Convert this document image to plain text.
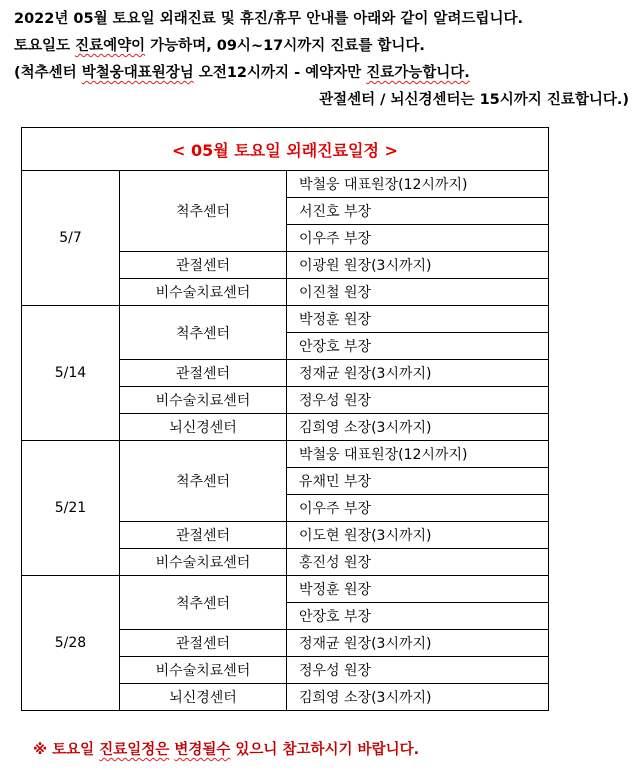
2022년 05월 토요일 외래진료 및 휴진/휴무 안내를 아래와 같이 알려드립니다.
토요일도 진료예약이 가능하며, 09시~17시까지 진료를 합니다.
(척추센터 박철웅대표원장님 오전12시까지 - 예약자만 진료가능합니다.
관절센터 / 뇌신경센터는 15시까지 진료합니다.)
< 05월 토요일 외래진료일정 >		
5/7	척추센터	박철웅 대표원장(12시까지)
		서진호 부장
		이우주 부장
	관절센터	이광원 원장(3시까지)
	비수술치료센터	이진철 원장
5/14	척추센터	박정훈 원장
		안장호 부장
	관절센터	정재균 원장(3시까지)
	비수술치료센터	정우성 원장
	뇌신경센터	김희영 소장(3시까지)
5/21	척추센터	박철웅 대표원장(12시까지)
		유채민 부장
		이우주 부장
	관절센터	이도현 원장(3시까지)
	비수술치료센터	홍진성 원장
5/28	척추센터	박정훈 원장
		안장호 부장
	관절센터	정재균 원장(3시까지)
	비수술치료센터	정우성 원장
	뇌신경센터	김희영 소장(3시까지)
※ 토요일 진료일정은 변경될수 있으니 참고하시기 바랍니다.
